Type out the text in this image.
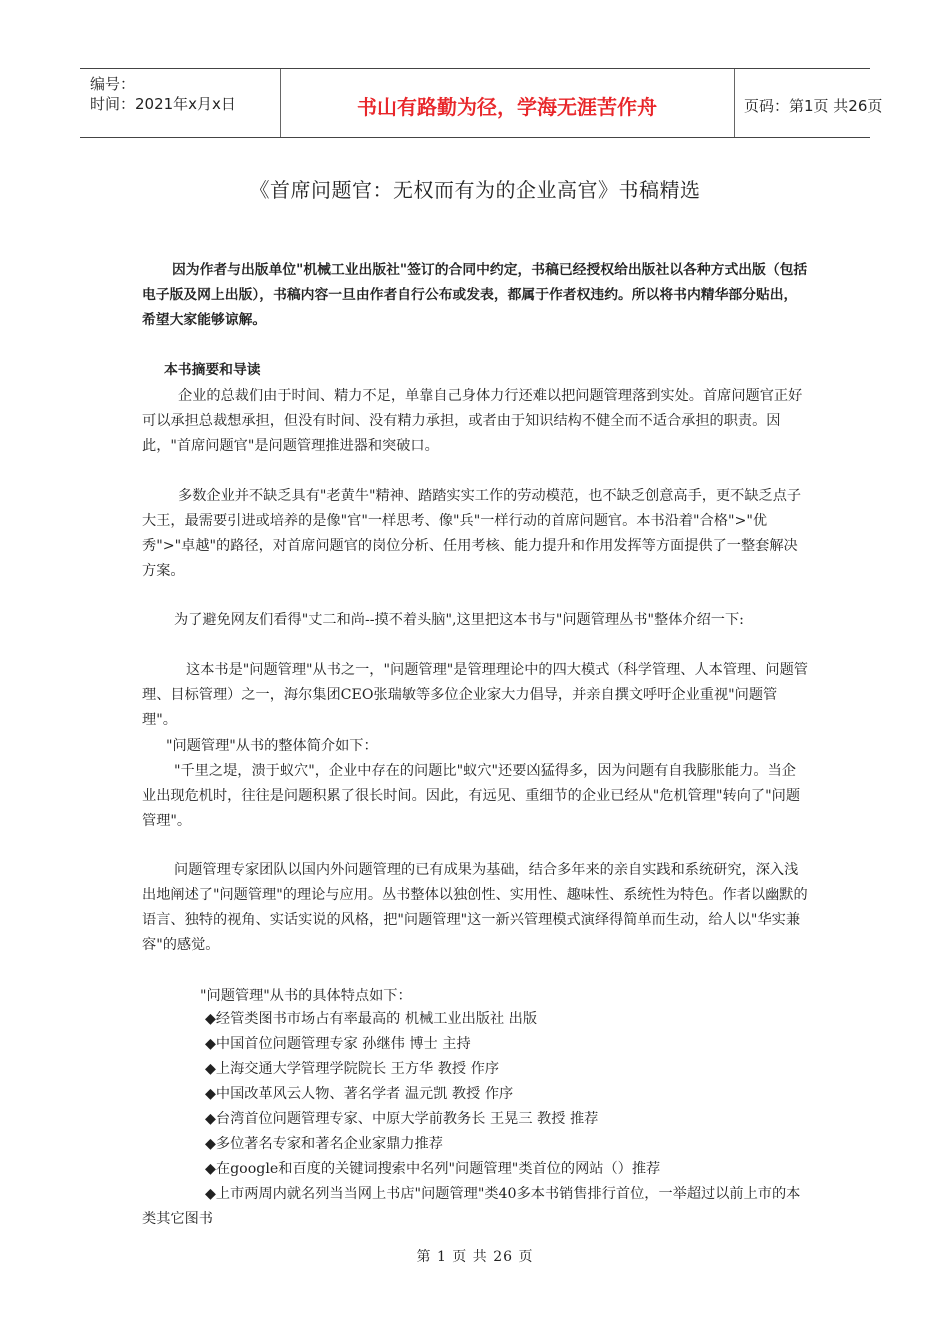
编号：
时间：2021年x月x日	书山有路勤为径，学海无涯苦作舟	页码：第1页 共26页
《首席问题官：无权而有为的企业高官》书稿精选

因为作者与出版单位"机械工业出版社"签订的合同中约定，书稿已经授权给出版社以各种方式出版（包括电子版及网上出版），书稿内容一旦由作者自行公布或发表，都属于作者权违约。所以将书内精华部分贴出，希望大家能够谅解。

本书摘要和导读

企业的总裁们由于时间、精力不足，单靠自己身体力行还难以把问题管理落到实处。首席问题官正好可以承担总裁想承担，但没有时间、没有精力承担，或者由于知识结构不健全而不适合承担的职责。因此，"首席问题官"是问题管理推进器和突破口。

多数企业并不缺乏具有"老黄牛"精神、踏踏实实工作的劳动模范，也不缺乏创意高手，更不缺乏点子大王，最需要引进或培养的是像"官"一样思考、像"兵"一样行动的首席问题官。本书沿着"合格">"优秀">"卓越"的路径，对首席问题官的岗位分析、任用考核、能力提升和作用发挥等方面提供了一整套解决方案。

为了避免网友们看得"丈二和尚--摸不着头脑",这里把这本书与"问题管理丛书"整体介绍一下:

这本书是"问题管理"从书之一，"问题管理"是管理理论中的四大模式（科学管理、人本管理、问题管理、目标管理）之一，海尔集团CEO张瑞敏等多位企业家大力倡导，并亲自撰文呼吁企业重视"问题管理"。

"问题管理"从书的整体简介如下：

"千里之堤，溃于蚁穴"，企业中存在的问题比"蚁穴"还要凶猛得多，因为问题有自我膨胀能力。当企业出现危机时，往往是问题积累了很长时间。因此，有远见、重细节的企业已经从"危机管理"转向了"问题管理"。

问题管理专家团队以国内外问题管理的已有成果为基础，结合多年来的亲自实践和系统研究，深入浅出地阐述了"问题管理"的理论与应用。丛书整体以独创性、实用性、趣味性、系统性为特色。作者以幽默的语言、独特的视角、实话实说的风格，把"问题管理"这一新兴管理模式演绎得简单而生动，给人以"华实兼容"的感觉。

"问题管理"从书的具体特点如下：

◆经管类图书市场占有率最高的 机械工业出版社 出版
◆中国首位问题管理专家 孙继伟 博士 主持
◆上海交通大学管理学院院长 王方华 教授 作序
◆中国改革风云人物、著名学者 温元凯 教授 作序
◆台湾首位问题管理专家、中原大学前教务长 王晃三 教授 推荐
◆多位著名专家和著名企业家鼎力推荐
◆在google和百度的关键词搜索中名列"问题管理"类首位的网站（）推荐

◆上市两周内就名列当当网上书店"问题管理"类40多本书销售排行首位，一举超过以前上市的本类其它图书

第 1 页 共 26 页
